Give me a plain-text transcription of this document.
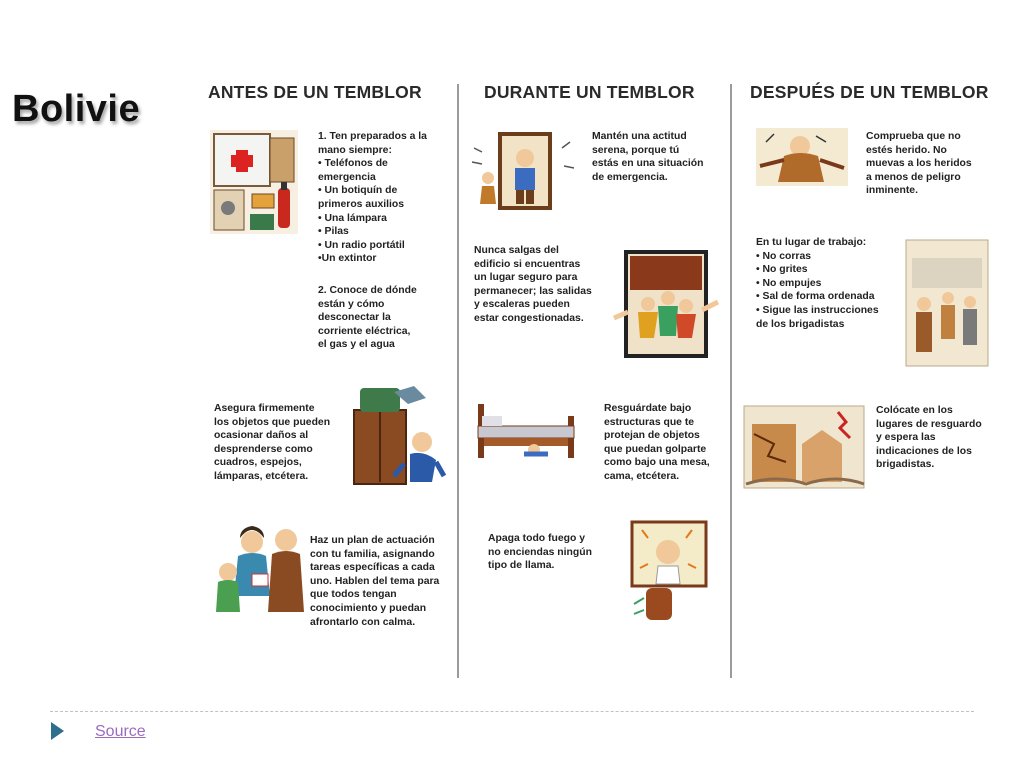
Bolivie	ANTES DE UN TEMBLOR	DURANTE UN TEMBLOR	DESPUÉS DE UN TEMBLOR
1. Ten preparados a la
mano siempre:
• Teléfonos de
emergencia
• Un botiquín de
primeros auxilios
• Una lámpara
• Pilas
• Un radio portátil
•Un extintor
2. Conoce de dónde
están y cómo
desconectar la
corriente eléctrica,
el gas y el agua
Asegura firmemente
los objetos que pueden
ocasionar daños al
desprenderse como
cuadros, espejos,
lámparas, etcétera.
Haz un plan de actuación
con tu familia, asignando
tareas específicas a cada
uno. Hablen del tema para
que todos tengan
conocimiento y puedan
afrontarlo con calma.
Mantén una actitud
serena, porque tú
estás en una situación
de emergencia.
Nunca salgas del
edificio si encuentras
un lugar seguro para
permanecer; las salidas
y escaleras pueden
estar congestionadas.
Resguárdate bajo
estructuras que te
protejan de objetos
que puedan golparte
como bajo una mesa,
cama, etcétera.
Apaga todo fuego y
no enciendas ningún
tipo de llama.
Comprueba que no
estés herido. No
muevas a los heridos
a menos de peligro
inminente.
En tu lugar de trabajo:
• No corras
• No grites
• No empujes
• Sal de forma ordenada
• Sigue las instrucciones
de los brigadistas
Colócate en los
lugares de resguardo
y espera las
indicaciones de los
brigadistas.
Source
